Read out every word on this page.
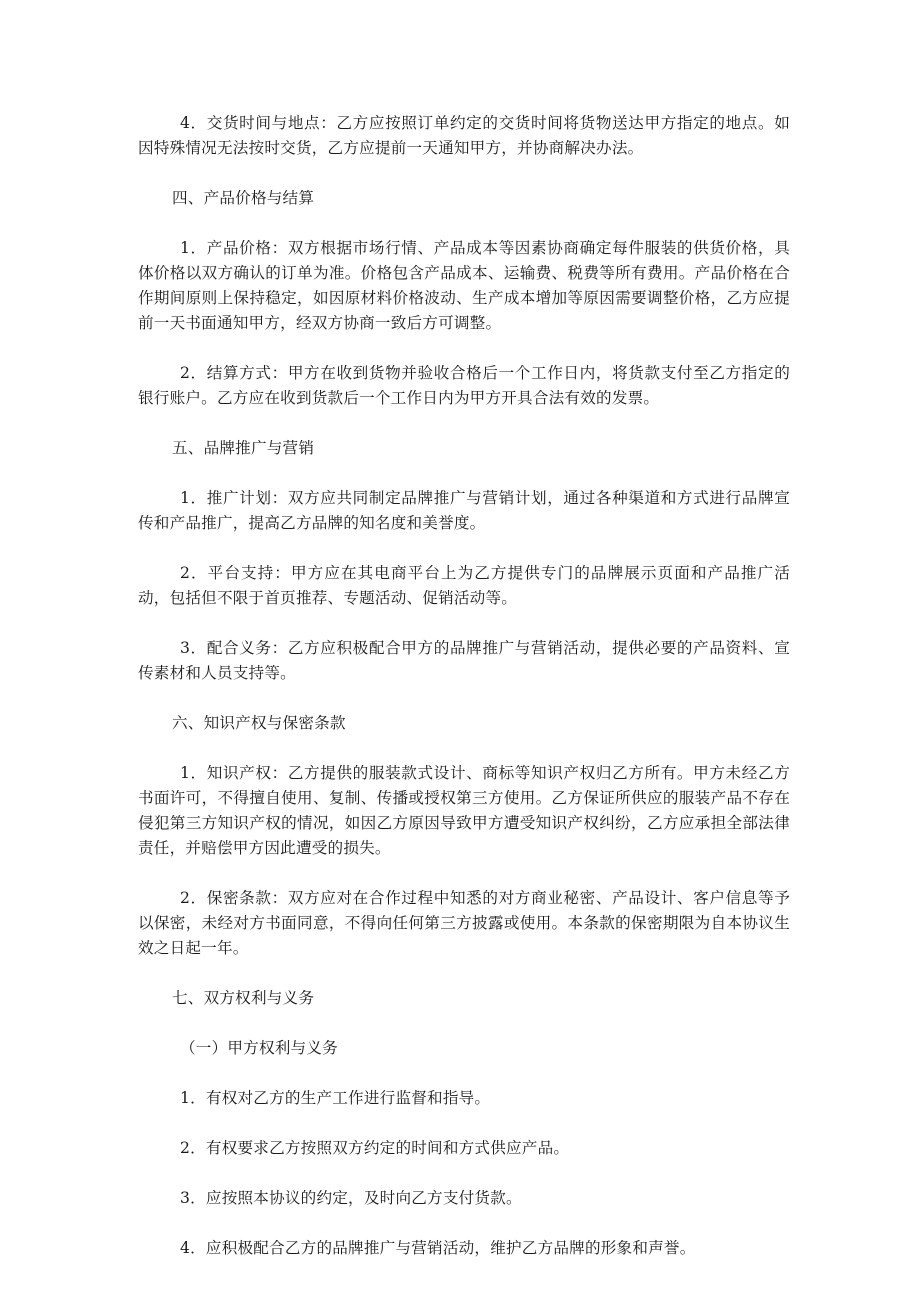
4．交货时间与地点：乙方应按照订单约定的交货时间将货物送达甲方指定的地点。如因特殊情况无法按时交货，乙方应提前一天通知甲方，并协商解决办法。

四、产品价格与结算

1．产品价格：双方根据市场行情、产品成本等因素协商确定每件服装的供货价格，具体价格以双方确认的订单为准。价格包含产品成本、运输费、税费等所有费用。产品价格在合作期间原则上保持稳定，如因原材料价格波动、生产成本增加等原因需要调整价格，乙方应提前一天书面通知甲方，经双方协商一致后方可调整。

2．结算方式：甲方在收到货物并验收合格后一个工作日内，将货款支付至乙方指定的银行账户。乙方应在收到货款后一个工作日内为甲方开具合法有效的发票。

五、品牌推广与营销

1．推广计划：双方应共同制定品牌推广与营销计划，通过各种渠道和方式进行品牌宣传和产品推广，提高乙方品牌的知名度和美誉度。

2．平台支持：甲方应在其电商平台上为乙方提供专门的品牌展示页面和产品推广活动，包括但不限于首页推荐、专题活动、促销活动等。

3．配合义务：乙方应积极配合甲方的品牌推广与营销活动，提供必要的产品资料、宣传素材和人员支持等。

六、知识产权与保密条款

1．知识产权：乙方提供的服装款式设计、商标等知识产权归乙方所有。甲方未经乙方书面许可，不得擅自使用、复制、传播或授权第三方使用。乙方保证所供应的服装产品不存在侵犯第三方知识产权的情况，如因乙方原因导致甲方遭受知识产权纠纷，乙方应承担全部法律责任，并赔偿甲方因此遭受的损失。

2．保密条款：双方应对在合作过程中知悉的对方商业秘密、产品设计、客户信息等予以保密，未经对方书面同意，不得向任何第三方披露或使用。本条款的保密期限为自本协议生效之日起一年。

七、双方权利与义务

（一）甲方权利与义务

1．有权对乙方的生产工作进行监督和指导。

2．有权要求乙方按照双方约定的时间和方式供应产品。

3．应按照本协议的约定，及时向乙方支付货款。

4．应积极配合乙方的品牌推广与营销活动，维护乙方品牌的形象和声誉。
